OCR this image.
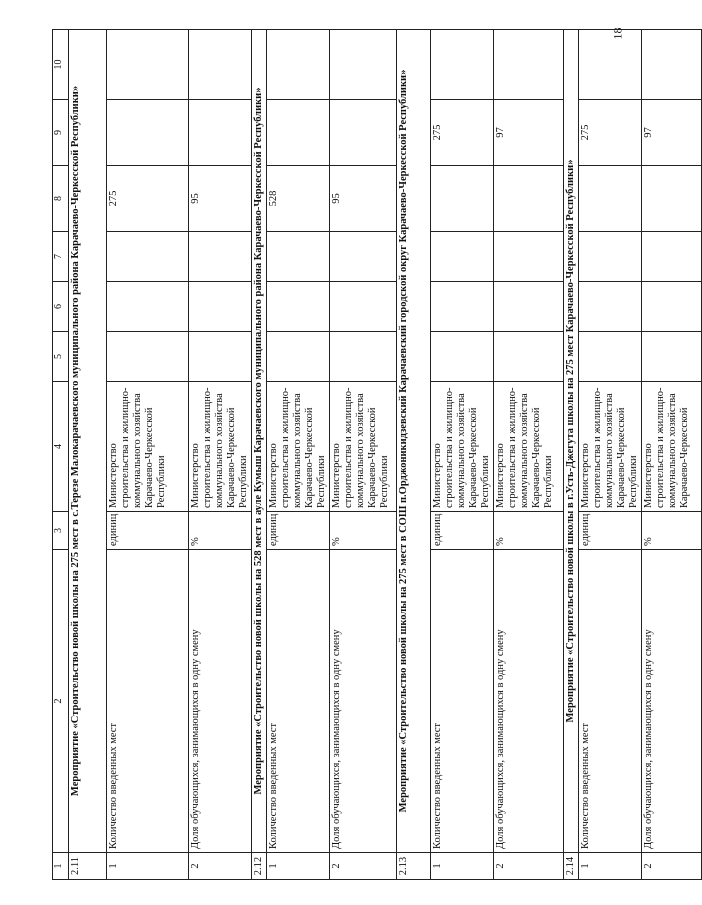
18
1	2	3	4	5	6	7	8	9	10
2.11	Мероприятие «Строительство новой школы на 275 мест в с.Терезе Малокарачаевского муниципального района Карачаево-Черкесской Республики»								
1	Количество введенных мест	единиц	Министерство строительства и жилищно-коммунального хозяйства Карачаево-Черкесской Республики				275		
2	Доля обучающихся, занимающихся в одну смену	%	Министерство строительства и жилищно-коммунального хозяйства Карачаево-Черкесской Республики				95		
2.12	Мероприятие «Строительство новой школы на 528 мест в ауле Кумыш Карачаевского муниципального района Карачаево-Черкесской Республики»								
1	Количество введенных мест	единиц	Министерство строительства и жилищно-коммунального хозяйства Карачаево-Черкесской Республики				528		
2	Доля обучающихся, занимающихся в одну смену	%	Министерство строительства и жилищно-коммунального хозяйства Карачаево-Черкесской Республики				95		
2.13	Мероприятие «Строительство новой школы на 275 мест в СОШ п.Орджоникидзевский Карачаевский городской округ Карачаево-Черкесской Республики»								
1	Количество введенных мест	единиц	Министерство строительства и жилищно-коммунального хозяйства Карачаево-Черкесской Республики					275	
2	Доля обучающихся, занимающихся в одну смену	%	Министерство строительства и жилищно-коммунального хозяйства Карачаево-Черкесской Республики					97	
2.14	Мероприятие «Строительство новой школы в г.Усть-Джегута школы на 275 мест Карачаево-Черкесской Республики»								
1	Количество введенных мест	единиц	Министерство строительства и жилищно-коммунального хозяйства Карачаево-Черкесской Республики					275	
2	Доля обучающихся, занимающихся в одну смену	%	Министерство строительства и жилищно-коммунального хозяйства Карачаево-Черкесской					97	
